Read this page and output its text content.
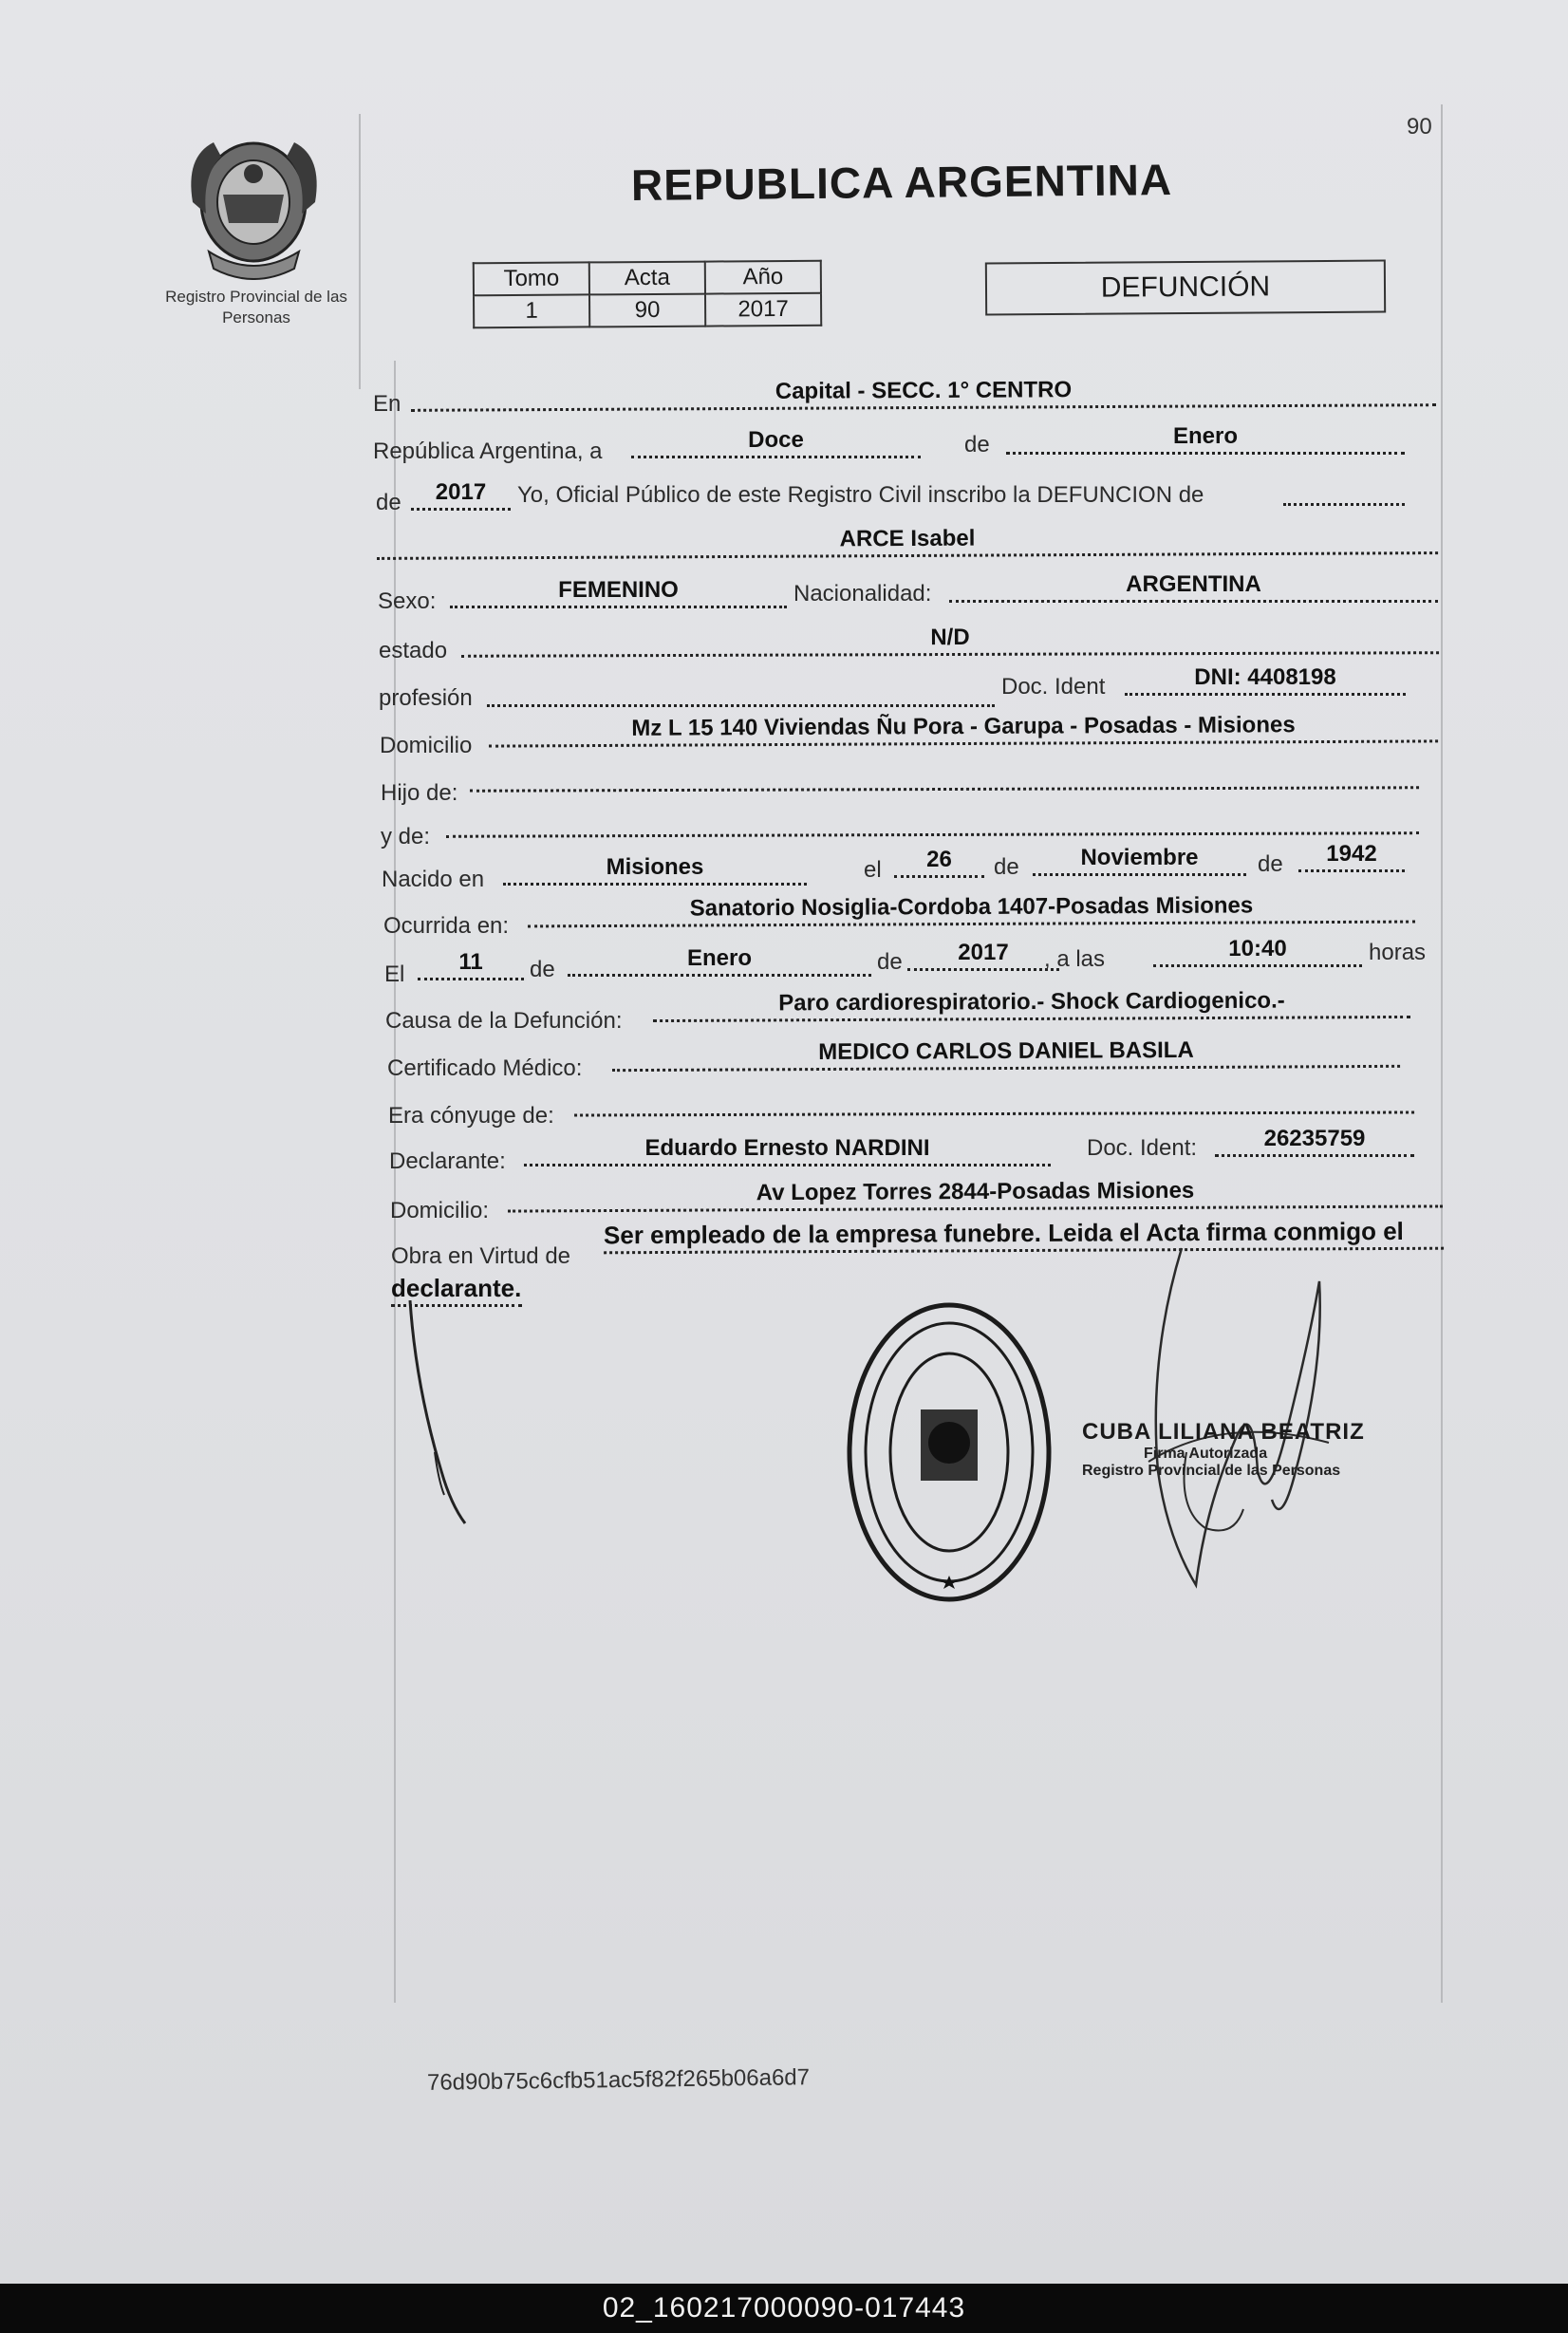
Registro Provincial de las Personas
90
REPUBLICA ARGENTINA
Tomo	Acta	Año
1	90	2017
DEFUNCIÓN
En	Capital - SECC. 1° CENTRO
República Argentina, a	Doce	de	Enero
de	2017	Yo, Oficial Público de este Registro Civil inscribo la DEFUNCION de
ARCE Isabel
Sexo:	FEMENINO	Nacionalidad:	ARGENTINA
estado
N/D
profesión	Doc. Ident	DNI: 4408198
Domicilio
Mz L 15 140 Viviendas Ñu Pora - Garupa - Posadas - Misiones
Hijo de:
y de:
Nacido en	Misiones	el	26	de	Noviembre	de	1942
Ocurrida en:
Sanatorio Nosiglia-Cordoba 1407-Posadas Misiones
El	11	de	Enero	de	2017	, a las	10:40	horas
Causa de la Defunción:
Paro cardiorespiratorio.- Shock Cardiogenico.-
Certificado Médico:
MEDICO CARLOS DANIEL BASILA
Era cónyuge de:
Declarante:
Eduardo Ernesto NARDINI	Doc. Ident:	26235759
Domicilio:
Av Lopez Torres 2844-Posadas Misiones
Obra en Virtud de
Ser empleado de la empresa funebre. Leida el Acta firma conmigo el
declarante.
CUBA LILIANA BEATRIZ
Firma Autorizada
Registro Provincial de las Personas
76d90b75c6cfb51ac5f82f265b06a6d7
02_160217000090-017443
